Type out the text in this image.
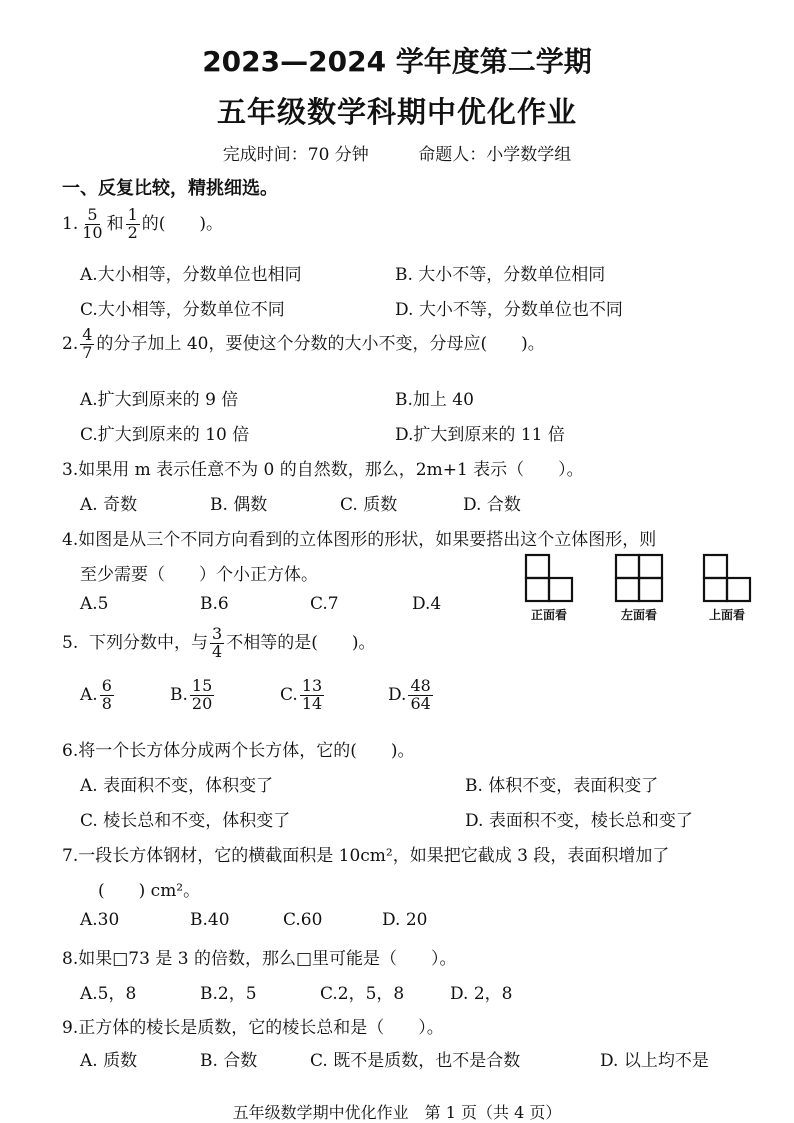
2023—2024 学年度第二学期
五年级数学科期中优化作业
完成时间：70 分钟	命题人：小学数学组
一、反复比较，精挑细选。
1. $\frac{5}{10}$ 和 $\frac{1}{2}$ 的(　　)。
A.大小相等，分数单位也相同	B. 大小不等，分数单位相同
C.大小相等，分数单位不同	D. 大小不等，分数单位也不同
2. $\frac{4}{7}$ 的分子加上 40，要使这个分数的大小不变，分母应(　　)。
A.扩大到原来的 9 倍	B.加上 40
C.扩大到原来的 10 倍	D.扩大到原来的 11 倍
3.如果用 m 表示任意不为 0 的自然数，那么，2m+1 表示（　　）。
A. 奇数	B. 偶数	C. 质数	D. 合数
4.如图是从三个不同方向看到的立体图形的形状，如果要搭出这个立体图形，则
至少需要（　　）个小正方体。
A.5	B.6	C.7	D.4
正面看	左面看	上面看
5. 下列分数中，与 $\frac{3}{4}$ 不相等的是(　　)。
A. $\frac{6}{8}$	B. $\frac{15}{20}$	C. $\frac{13}{14}$	D. $\frac{48}{64}$
6.将一个长方体分成两个长方体，它的(　　)。
A. 表面积不变，体积变了	B. 体积不变，表面积变了
C. 棱长总和不变，体积变了	D. 表面积不变，棱长总和变了
7.一段长方体钢材，它的横截面积是 10cm²，如果把它截成 3 段，表面积增加了
(　　) cm²。
A.30	B.40	C.60	D. 20
8.如果□73 是 3 的倍数，那么□里可能是（　　）。
A.5，8	B.2，5	C.2，5，8	D. 2，8
9.正方体的棱长是质数，它的棱长总和是（　　）。
A. 质数	B. 合数	C. 既不是质数，也不是合数	D. 以上均不是
五年级数学期中优化作业　第 1 页（共 4 页）
